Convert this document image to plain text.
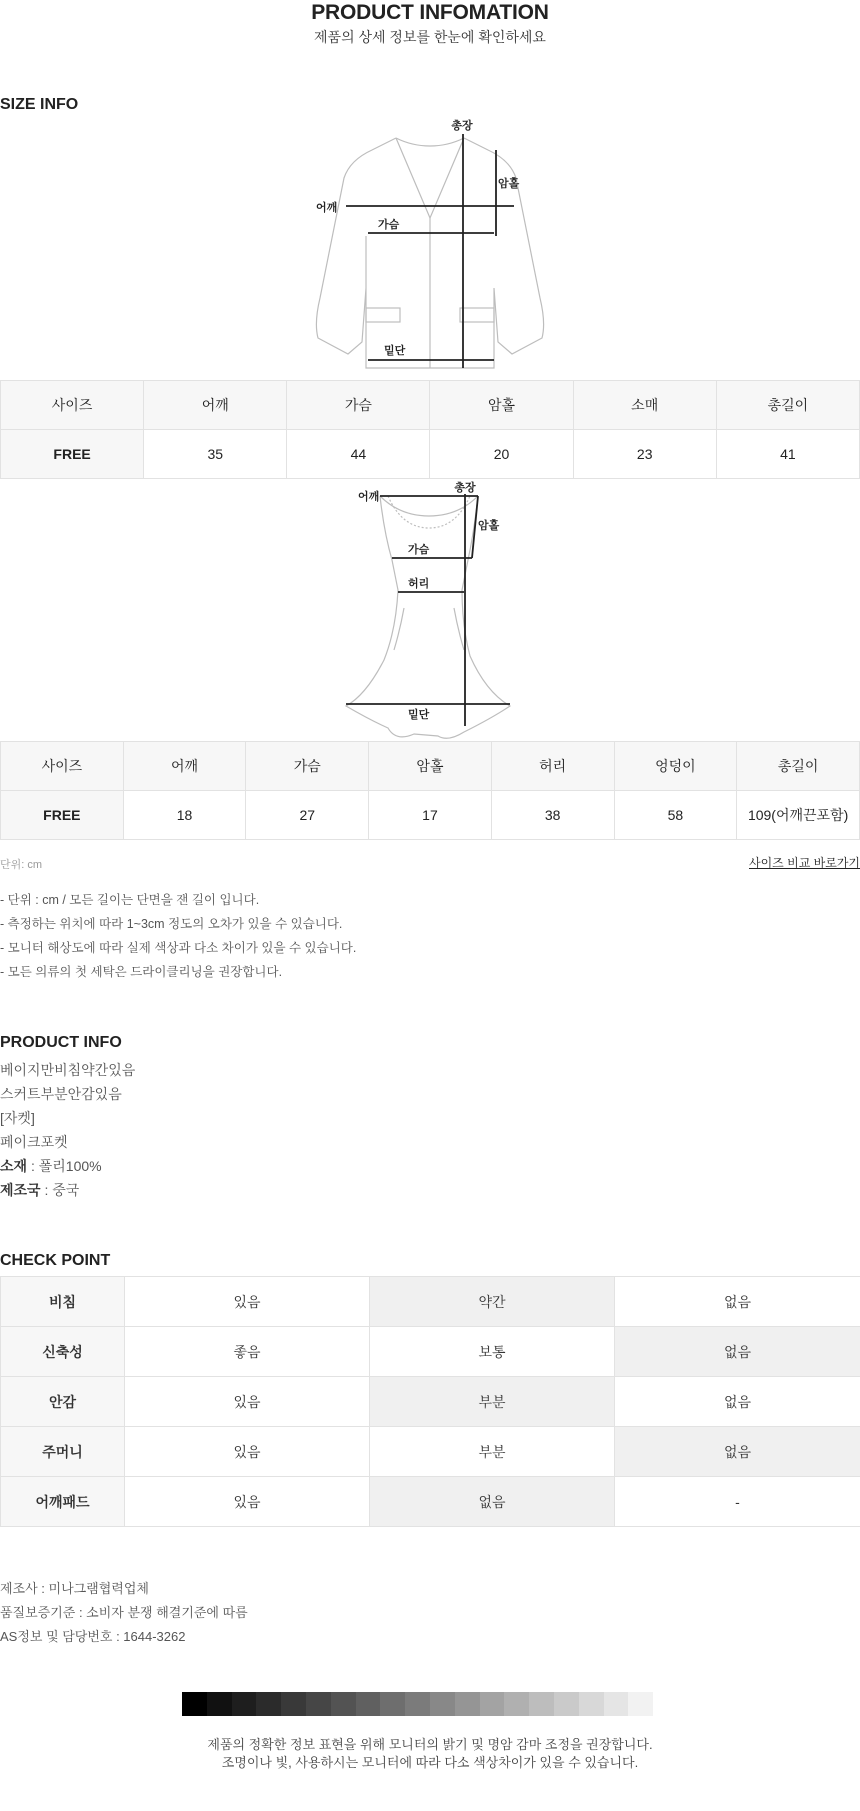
PRODUCT INFOMATION
제품의 상세 정보를 한눈에 확인하세요
SIZE INFO
총장
암홀
어깨
가슴
밑단
사이즈	어깨	가슴	암홀	소매	총길이
FREE	35	44	20	23	41
어깨
총장
암홀
가슴
허리
밑단
사이즈	어깨	가슴	암홀	허리	엉덩이	총길이
FREE	18	27	17	38	58	109(어깨끈포함)
단위: cm	사이즈 비교 바로가기
- 단위 : cm / 모든 길이는 단면을 잰 길이 입니다.
- 측정하는 위치에 따라 1~3cm 정도의 오차가 있을 수 있습니다.
- 모니터 해상도에 따라 실제 색상과 다소 차이가 있을 수 있습니다.
- 모든 의류의 첫 세탁은 드라이클리닝을 권장합니다.
PRODUCT INFO
베이지만비침약간있음
스커트부분안감있음
[자켓]
페이크포켓
소재 : 폴리100%
제조국 : 중국
CHECK POINT
비침	있음	약간	없음
신축성	좋음	보통	없음
안감	있음	부분	없음
주머니	있음	부분	없음
어깨패드	있음	없음	-
제조사 : 미나그램협력업체
품질보증기준 : 소비자 분쟁 해결기준에 따름
AS정보 및 담당번호 : 1644-3262
제품의 정확한 정보 표현을 위해 모니터의 밝기 및 명암 감마 조정을 권장합니다.
조명이나 빛, 사용하시는 모니터에 따라 다소 색상차이가 있을 수 있습니다.
